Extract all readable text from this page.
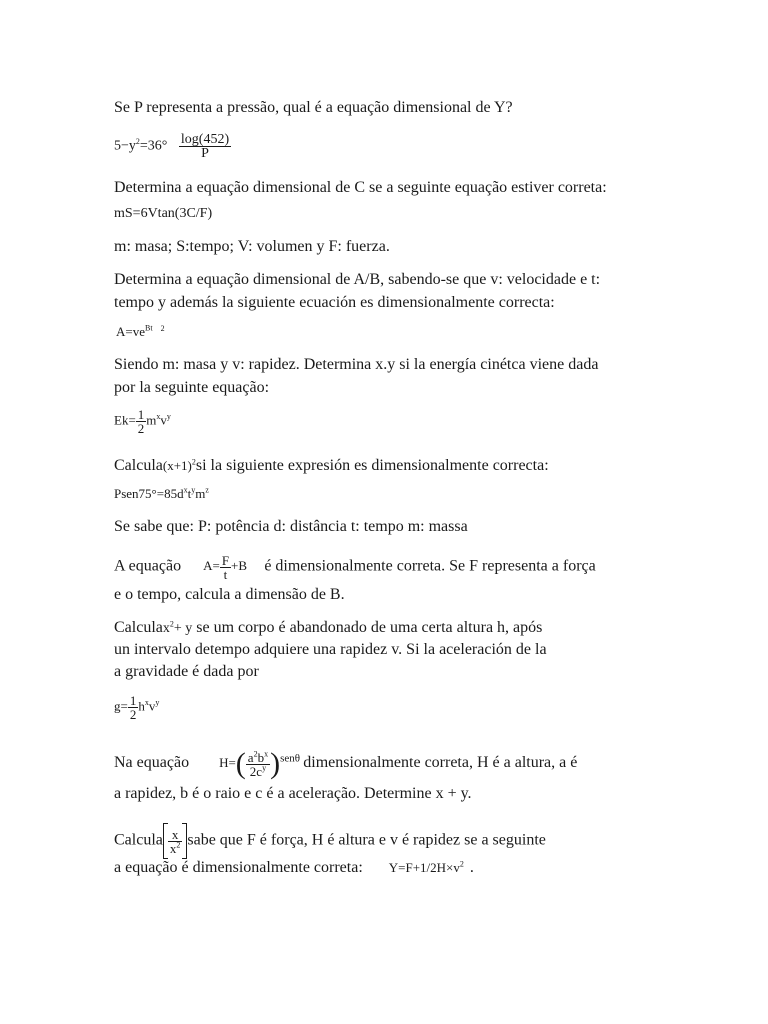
Se P representa a pressão, qual é a equação dimensional de Y?
$5-y^2=36^\circ \frac{\log(452)}{P}$
Determina a equação dimensional de C se a seguinte equação estiver correta:
mS=6Vtan(3C/F)
m: masa; S:tempo; V: volumen y F: fuerza.
Determina a equação dimensional de A/B, sabendo-se que v: velocidade e t:
tempo y además la siguiente ecuación es dimensionalmente correcta:
$A=ve^{Bt}$ $^2$
Siendo m: masa y v: rapidez. Determina x.y si la energía cinétca viene dada
por la seguinte equação:
$Ek= \frac{1}{2} m^xv^y$
$Calcula(x+1)^2si$ la siguiente expresión es dimensionalmente correcta:
$Psen75^\circ=85d^xt^ym^z$
Se sabe que: P: potência d: distância t: tempo m: massa
A equação $A= \frac{F}{t} +B$ é dimensionalmente correta. Se F representa a força
e o tempo, calcula a dimensão de B.
Calculax$^2$+ y se um corpo é abandonado de uma certa altura h, após
un intervalo detempo adquiere una rapidez v. Si la aceleración de la
a gravidade é dada por
$g= \frac{1}{2} h^xv^y$
Na equação $H=( \frac{a^2b^x}{2c^y} )^{sen\theta}$ dimensionalmente correta, H é a altura, a é
a rapidez, b é o raio e c é a aceleração. Determine x + y.
Calcula $\frac{x}{x^2}$ sabe que F é força, H é altura e v é rapidez se a seguinte
a equação é dimensionalmente correta: $Y=F+1/2H\times v^2$ .
